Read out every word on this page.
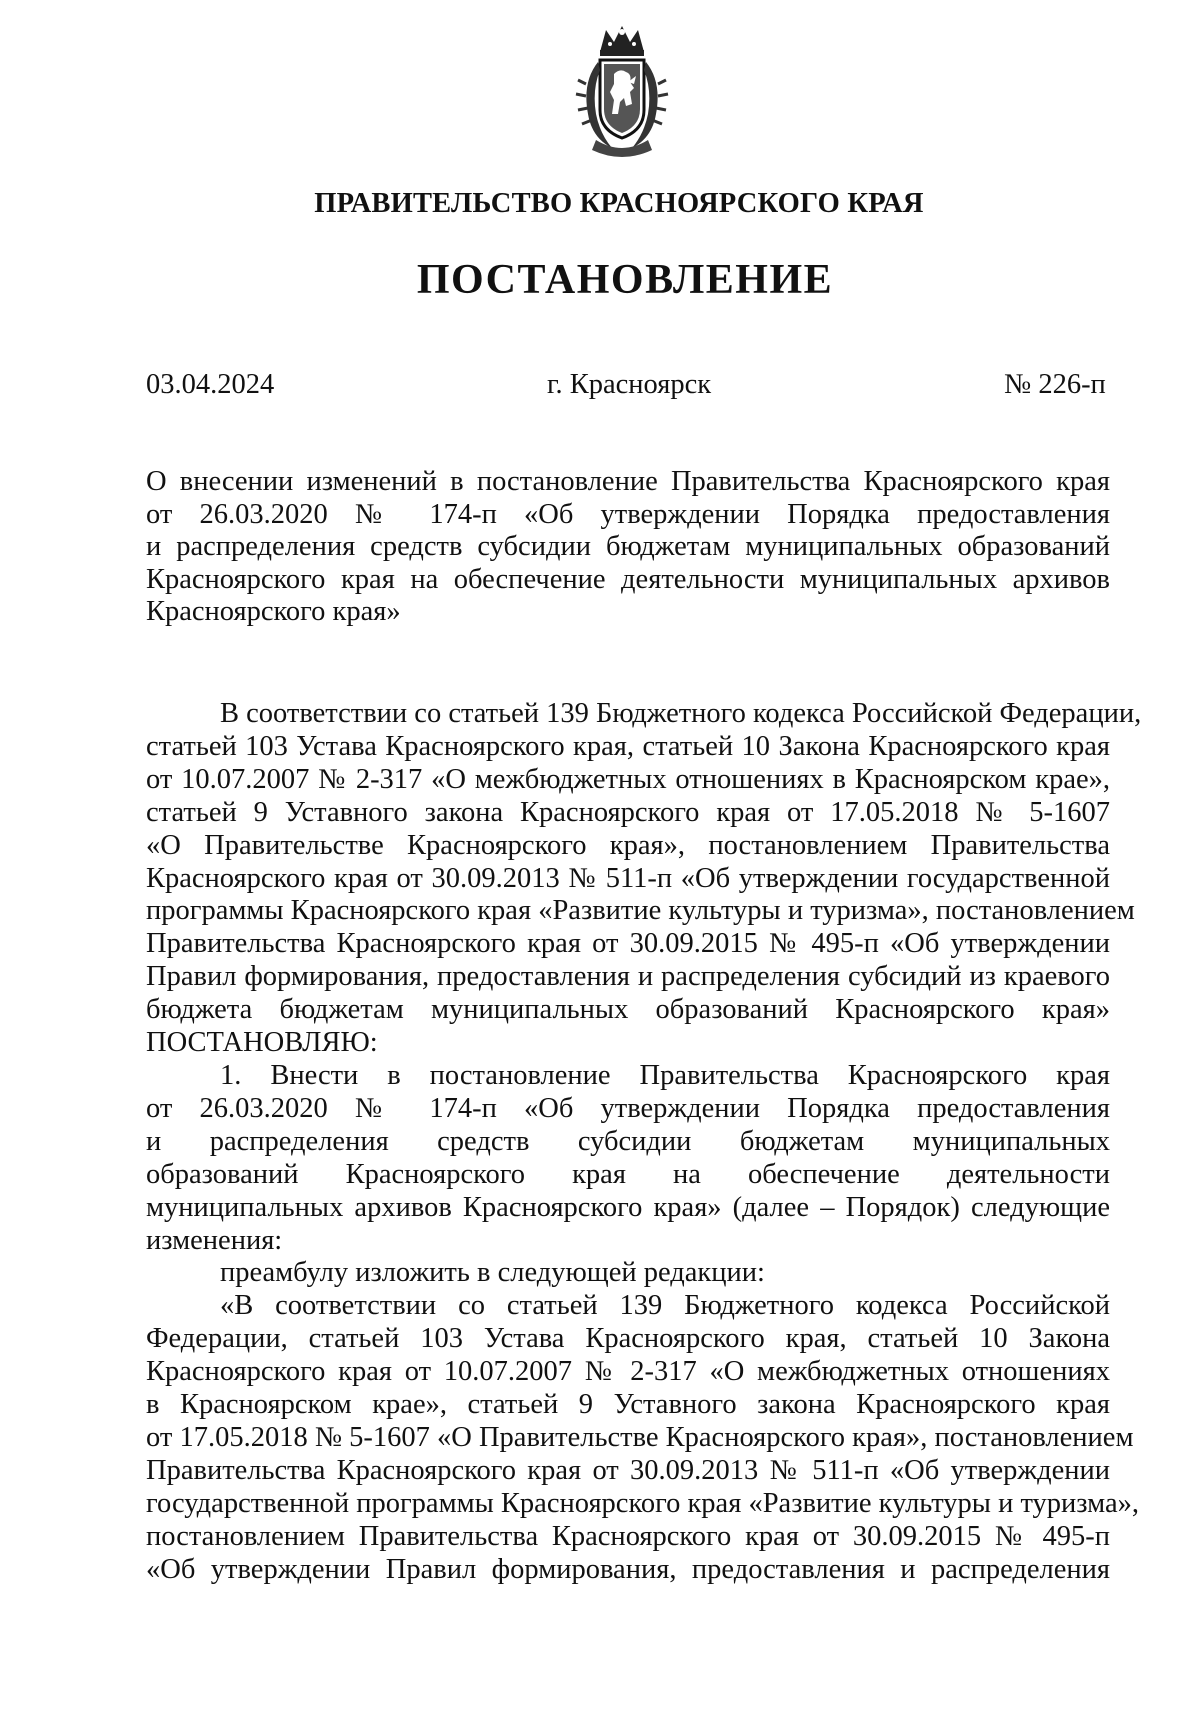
ПРАВИТЕЛЬСТВО КРАСНОЯРСКОГО КРАЯ
ПОСТАНОВЛЕНИЕ
03.04.2024	г. Красноярск	№ 226-п
О внесении изменений в постановление Правительства Красноярского края
от 26.03.2020 № 174-п «Об утверждении Порядка предоставления
и распределения средств субсидии бюджетам муниципальных образований
Красноярского края на обеспечение деятельности муниципальных архивов
Красноярского края»
В соответствии со статьей 139 Бюджетного кодекса Российской Федерации,
статьей 103 Устава Красноярского края, статьей 10 Закона Красноярского края
от 10.07.2007 № 2-317 «О межбюджетных отношениях в Красноярском крае»,
статьей 9 Уставного закона Красноярского края от 17.05.2018 № 5-1607
«О Правительстве Красноярского края», постановлением Правительства
Красноярского края от 30.09.2013 № 511-п «Об утверждении государственной
программы Красноярского края «Развитие культуры и туризма», постановлением
Правительства Красноярского края от 30.09.2015 № 495-п «Об утверждении
Правил формирования, предоставления и распределения субсидий из краевого
бюджета бюджетам муниципальных образований Красноярского края»
ПОСТАНОВЛЯЮ:
1. Внести в постановление Правительства Красноярского края
от 26.03.2020 № 174-п «Об утверждении Порядка предоставления
и распределения средств субсидии бюджетам муниципальных
образований Красноярского края на обеспечение деятельности
муниципальных архивов Красноярского края» (далее – Порядок) следующие
изменения:
преамбулу изложить в следующей редакции:
«В соответствии со статьей 139 Бюджетного кодекса Российской
Федерации, статьей 103 Устава Красноярского края, статьей 10 Закона
Красноярского края от 10.07.2007 № 2-317 «О межбюджетных отношениях
в Красноярском крае», статьей 9 Уставного закона Красноярского края
от 17.05.2018 № 5-1607 «О Правительстве Красноярского края», постановлением
Правительства Красноярского края от 30.09.2013 № 511-п «Об утверждении
государственной программы Красноярского края «Развитие культуры и туризма»,
постановлением Правительства Красноярского края от 30.09.2015 № 495-п
«Об утверждении Правил формирования, предоставления и распределения
